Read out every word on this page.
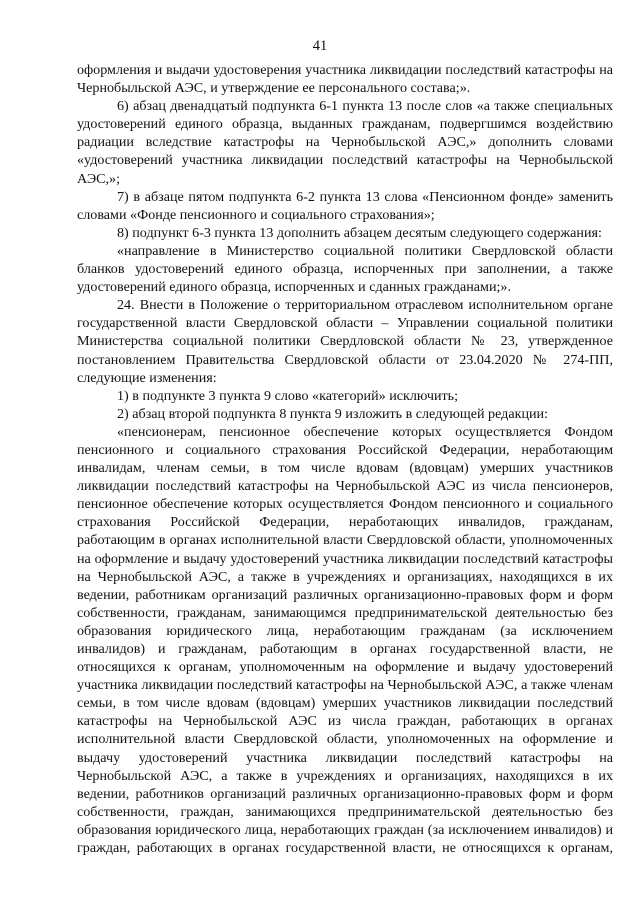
41

оформления и выдачи удостоверения участника ликвидации последствий катастрофы на Чернобыльской АЭС, и утверждение ее персонального состава;».

6) абзац двенадцатый подпункта 6-1 пункта 13 после слов «а также специальных удостоверений единого образца, выданных гражданам, подвергшимся воздействию радиации вследствие катастрофы на Чернобыльской АЭС,» дополнить словами «удостоверений участника ликвидации последствий катастрофы на Чернобыльской АЭС,»;

7) в абзаце пятом подпункта 6-2 пункта 13 слова «Пенсионном фонде» заменить словами «Фонде пенсионного и социального страхования»;

8) подпункт 6-3 пункта 13 дополнить абзацем десятым следующего содержания:

«направление в Министерство социальной политики Свердловской области бланков удостоверений единого образца, испорченных при заполнении, а также удостоверений единого образца, испорченных и сданных гражданами;».

24. Внести в Положение о территориальном отраслевом исполнительном органе государственной власти Свердловской области – Управлении социальной политики Министерства социальной политики Свердловской области № 23, утвержденное постановлением Правительства Свердловской области от 23.04.2020 № 274-ПП, следующие изменения:

1) в подпункте 3 пункта 9 слово «категорий» исключить;

2) абзац второй подпункта 8 пункта 9 изложить в следующей редакции:

«пенсионерам, пенсионное обеспечение которых осуществляется Фондом пенсионного и социального страхования Российской Федерации, неработающим инвалидам, членам семьи, в том числе вдовам (вдовцам) умерших участников ликвидации последствий катастрофы на Чернобыльской АЭС из числа пенсионеров, пенсионное обеспечение которых осуществляется Фондом пенсионного и социального страхования Российской Федерации, неработающих инвалидов, гражданам, работающим в органах исполнительной власти Свердловской области, уполномоченных на оформление и выдачу удостоверений участника ликвидации последствий катастрофы на Чернобыльской АЭС, а также в учреждениях и организациях, находящихся в их ведении, работникам организаций различных организационно-правовых форм и форм собственности, гражданам, занимающимся предпринимательской деятельностью без образования юридического лица, неработающим гражданам (за исключением инвалидов) и гражданам, работающим в органах государственной власти, не относящихся к органам, уполномоченным на оформление и выдачу удостоверений участника ликвидации последствий катастрофы на Чернобыльской АЭС, а также членам семьи, в том числе вдовам (вдовцам) умерших участников ликвидации последствий катастрофы на Чернобыльской АЭС из числа граждан, работающих в органах исполнительной власти Свердловской области, уполномоченных на оформление и выдачу удостоверений участника ликвидации последствий катастрофы на Чернобыльской АЭС, а также в учреждениях и организациях, находящихся в их ведении, работников организаций различных организационно-правовых форм и форм собственности, граждан, занимающихся предпринимательской деятельностью без образования юридического лица, неработающих граждан (за исключением инвалидов) и граждан, работающих в органах государственной власти, не относящихся к органам,
